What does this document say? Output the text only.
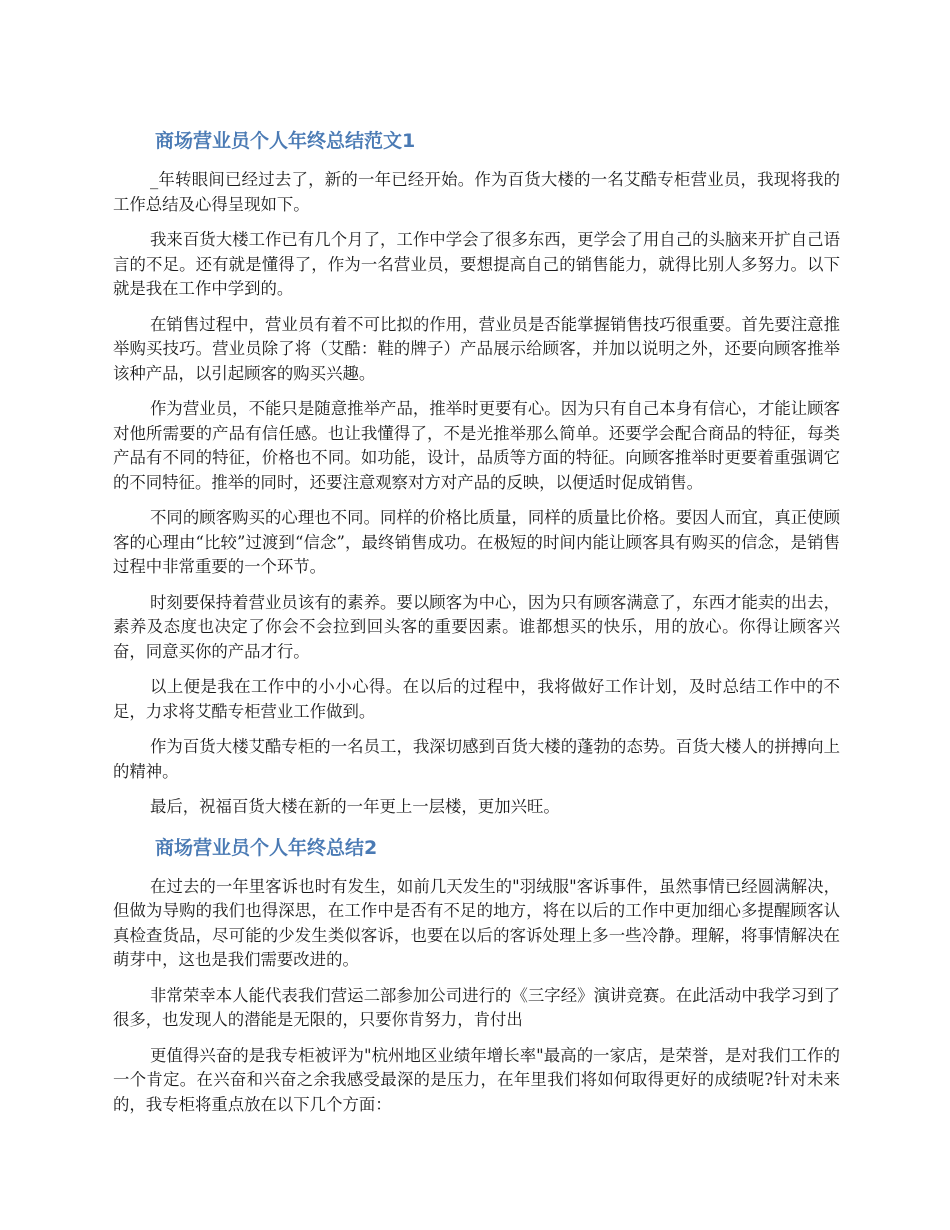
商场营业员个人年终总结范文1

_年转眼间已经过去了，新的一年已经开始。作为百货大楼的一名艾酷专柜营业员，我现将我的工作总结及心得呈现如下。

我来百货大楼工作已有几个月了，工作中学会了很多东西，更学会了用自己的头脑来开扩自己语言的不足。还有就是懂得了，作为一名营业员，要想提高自己的销售能力，就得比别人多努力。以下就是我在工作中学到的。

在销售过程中，营业员有着不可比拟的作用，营业员是否能掌握销售技巧很重要。首先要注意推举购买技巧。营业员除了将（艾酷：鞋的牌子）产品展示给顾客，并加以说明之外，还要向顾客推举该种产品，以引起顾客的购买兴趣。

作为营业员，不能只是随意推举产品，推举时更要有心。因为只有自己本身有信心，才能让顾客对他所需要的产品有信任感。也让我懂得了，不是光推举那么简单。还要学会配合商品的特征，每类产品有不同的特征，价格也不同。如功能，设计，品质等方面的特征。向顾客推举时更要着重强调它的不同特征。推举的同时，还要注意观察对方对产品的反映，以便适时促成销售。

不同的顾客购买的心理也不同。同样的价格比质量，同样的质量比价格。要因人而宜，真正使顾客的心理由“比较”过渡到“信念”，最终销售成功。在极短的时间内能让顾客具有购买的信念，是销售过程中非常重要的一个环节。

时刻要保持着营业员该有的素养。要以顾客为中心，因为只有顾客满意了，东西才能卖的出去，素养及态度也决定了你会不会拉到回头客的重要因素。谁都想买的快乐，用的放心。你得让顾客兴奋，同意买你的产品才行。

以上便是我在工作中的小小心得。在以后的过程中，我将做好工作计划，及时总结工作中的不足，力求将艾酷专柜营业工作做到。

作为百货大楼艾酷专柜的一名员工，我深切感到百货大楼的蓬勃的态势。百货大楼人的拼搏向上的精神。

最后，祝福百货大楼在新的一年更上一层楼，更加兴旺。

商场营业员个人年终总结2

在过去的一年里客诉也时有发生，如前几天发生的"羽绒服"客诉事件，虽然事情已经圆满解决，但做为导购的我们也得深思，在工作中是否有不足的地方，将在以后的工作中更加细心多提醒顾客认真检查货品，尽可能的少发生类似客诉，也要在以后的客诉处理上多一些冷静。理解，将事情解决在萌芽中，这也是我们需要改进的。

非常荣幸本人能代表我们营运二部参加公司进行的《三字经》演讲竞赛。在此活动中我学习到了很多，也发现人的潜能是无限的，只要你肯努力，肯付出

更值得兴奋的是我专柜被评为"杭州地区业绩年增长率"最高的一家店，是荣誉，是对我们工作的一个肯定。在兴奋和兴奋之余我感受最深的是压力，在年里我们将如何取得更好的成绩呢?针对未来的，我专柜将重点放在以下几个方面：
